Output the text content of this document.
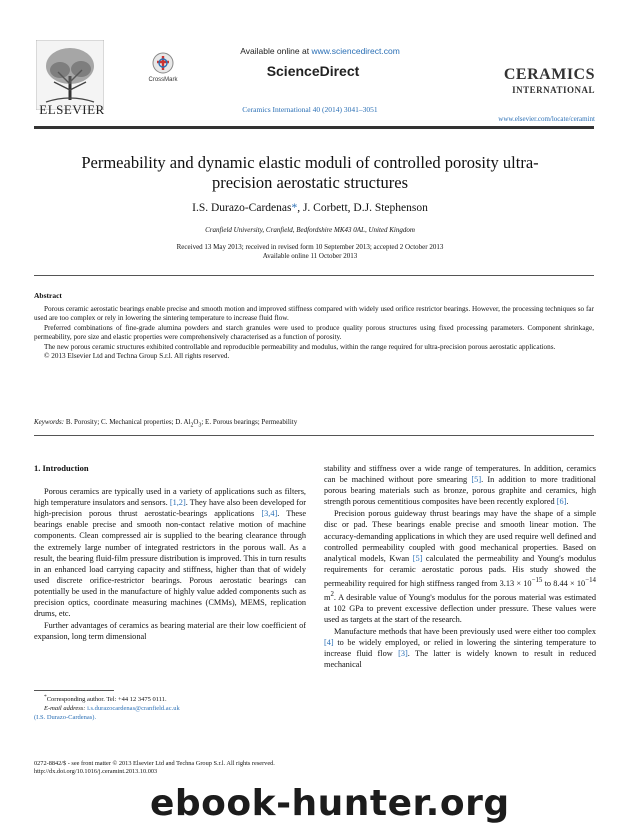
ELSEVIER
CrossMark
Available online at www.sciencedirect.com
ScienceDirect
Ceramics International 40 (2014) 3041–3051
CERAMICS
INTERNATIONAL
www.elsevier.com/locate/ceramint
Permeability and dynamic elastic moduli of controlled porosity ultra-precision aerostatic structures
I.S. Durazo-Cardenas*, J. Corbett, D.J. Stephenson
Cranfield University, Cranfield, Bedfordshire MK43 0AL, United Kingdom
Received 13 May 2013; received in revised form 10 September 2013; accepted 2 October 2013
Available online 11 October 2013
Abstract

Porous ceramic aerostatic bearings enable precise and smooth motion and improved stiffness compared with widely used orifice restrictor bearings. However, the processing techniques so far used are too complex or rely in lowering the sintering temperature to increase fluid flow.

Preferred combinations of fine-grade alumina powders and starch granules were used to produce quality porous structures using fixed processing parameters. Component shrinkage, permeability, pore size and elastic properties were comprehensively characterised as a function of porosity.

The new porous ceramic structures exhibited controllable and reproducible permeability and modulus, within the range required for ultra-precision porous aerostatic applications.

© 2013 Elsevier Ltd and Techna Group S.r.l. All rights reserved.

Keywords: B. Porosity; C. Mechanical properties; D. $Al_2O_3$; E. Porous bearings; Permeability
1. Introduction

Porous ceramics are typically used in a variety of applications such as filters, high temperature insulators and sensors. [1,2]. They have also been developed for high-precision porous thrust aerostatic-bearings applications [3,4]. These bearings enable precise and smooth non-contact relative motion of machine components. Clean compressed air is supplied to the bearing clearance through the extremely large number of integrated restrictors in the porous wall. As a result, the bearing fluid-film pressure distribution is improved. This in turn results in an enhanced load carrying capacity and stiffness, higher than that of widely used discrete orifice-restrictor bearings. Porous aerostatic bearings can potentially be used in the manufacture of highly value added components such as precision optics, coordinate measuring machines (CMMs), MEMS, replication drums, etc.

Further advantages of ceramics as bearing material are their low coefficient of expansion, long term dimensional

*Corresponding author. Tel: +44 12 3475 0111.
E-mail address: i.s.durazocardenas@cranfield.ac.uk
(I.S. Durazo-Cardenas).
0272-8842/$ - see front matter © 2013 Elsevier Ltd and Techna Group S.r.l. All rights reserved.
http://dx.doi.org/10.1016/j.ceramint.2013.10.003

stability and stiffness over a wide range of temperatures. In addition, ceramics can be machined without pore smearing [5]. In addition to more traditional porous bearing materials such as bronze, porous graphite and ceramics, high strength porous cementitious composites have been recently explored [6].

Precision porous guideway thrust bearings may have the shape of a simple disc or pad. These bearings enable precise and smooth linear motion. The accuracy-demanding applications in which they are used require well defined and controlled permeability coupled with good mechanical properties. Based on analytical models, Kwan [5] calculated the permeability and Young's modulus requirements for ceramic aerostatic porous pads. His study showed the permeability required for high stiffness ranged from $3.13 \times 10^{-15}$ to $8.44 \times 10^{-14}$ $m^2$. A desirable value of Young's modulus for the porous material was estimated at 102 GPa to prevent excessive deflection under pressure. These values were used as targets at the start of the research.

Manufacture methods that have been previously used were either too complex [4] to be widely employed, or relied in lowering the sintering temperature to increase fluid flow [3]. The latter is widely known to result in reduced mechanical

ebook-hunter.org
